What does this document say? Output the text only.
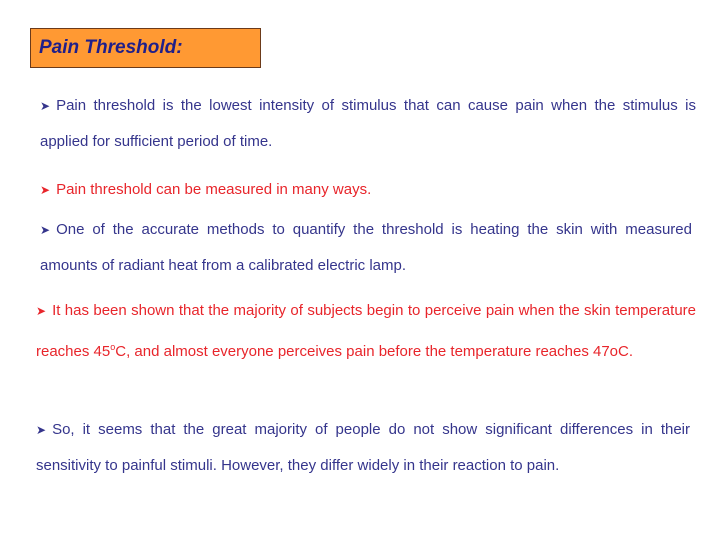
Pain Threshold:
➤ Pain threshold is the lowest intensity of stimulus that can cause pain when the stimulus is applied for sufficient period of time.
➤ Pain threshold can be measured in many ways.
➤ One of the accurate methods to quantify the threshold is heating the skin with measured amounts of radiant heat from a calibrated electric lamp.
➤ It has been shown that the majority of subjects begin to perceive pain when the skin temperature reaches 45$^o$C, and almost everyone perceives pain before the temperature reaches 47oC.
➤ So, it seems that the great majority of people do not show significant differences in their sensitivity to painful stimuli. However, they differ widely in their reaction to pain.
